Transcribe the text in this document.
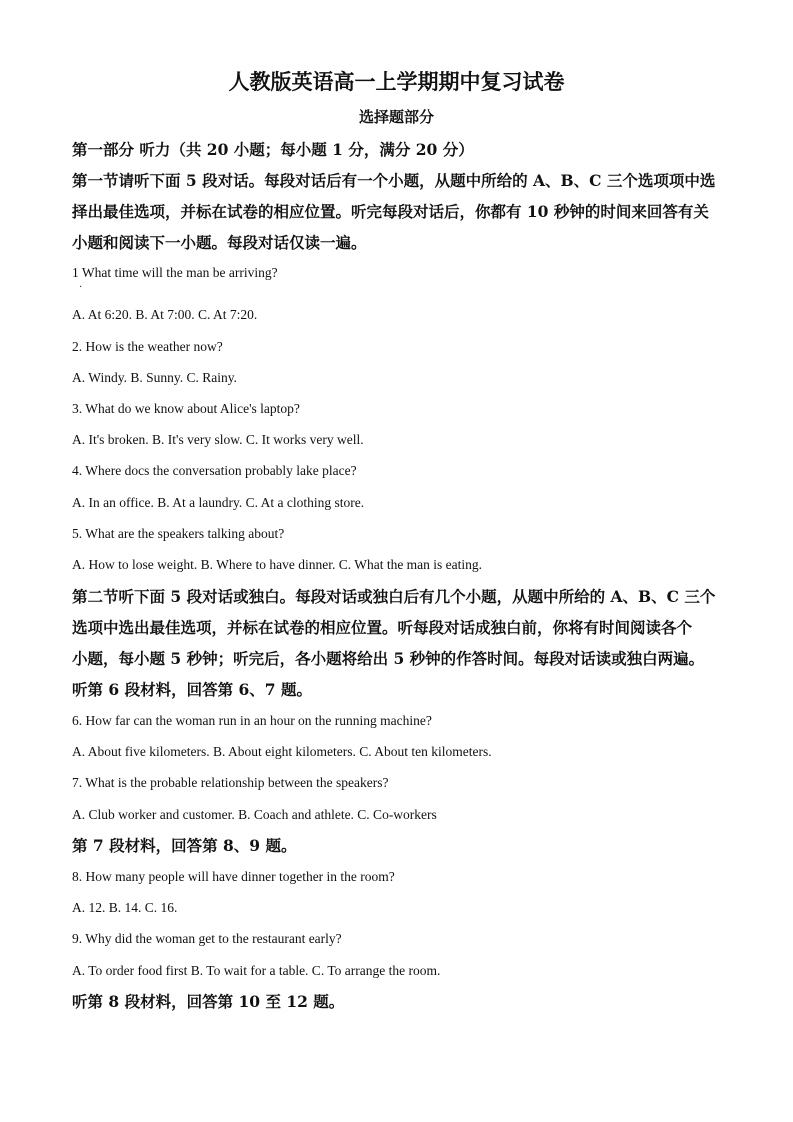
人教版英语高一上学期期中复习试卷
选择题部分
第一部分 听力（共 20 小题；每小题 1 分，满分 20 分）
第一节请听下面 5 段对话。每段对话后有一个小题，从题中所给的 A、B、C 三个选项项中选
择出最佳选项，并标在试卷的相应位置。听完每段对话后，你都有 10 秒钟的时间来回答有关
小题和阅读下一小题。每段对话仅读一遍。
1 What time will the man be arriving?
·
A. At 6:20. B. At 7:00. C. At 7:20.
2. How is the weather now?
A. Windy. B. Sunny. C. Rainy.
3. What do we know about Alice's laptop?
A. It's broken. B. It's very slow. C. It works very well.
4. Where docs the conversation probably lake place?
A. In an office. B. At a laundry. C. At a clothing store.
5. What are the speakers talking about?
A. How to lose weight. B. Where to have dinner. C. What the man is eating.
第二节听下面 5 段对话或独白。每段对话或独白后有几个小题，从题中所给的 A、B、C 三个
选项中选出最佳选项，并标在试卷的相应位置。听每段对话成独白前，你将有时间阅读各个
小题，每小题 5 秒钟；听完后，各小题将给出 5 秒钟的作答时间。每段对话读或独白两遍。
听第 6 段材料，回答第 6、7 题。
6. How far can the woman run in an hour on the running machine?
A. About five kilometers. B. About eight kilometers. C. About ten kilometers.
7. What is the probable relationship between the speakers?
A. Club worker and customer. B. Coach and athlete. C. Co-workers
第 7 段材料，回答第 8、9 题。
8. How many people will have dinner together in the room?
A. 12. B. 14. C. 16.
9. Why did the woman get to the restaurant early?
A. To order food first B. To wait for a table. C. To arrange the room.
听第 8 段材料，回答第 10 至 12 题。
